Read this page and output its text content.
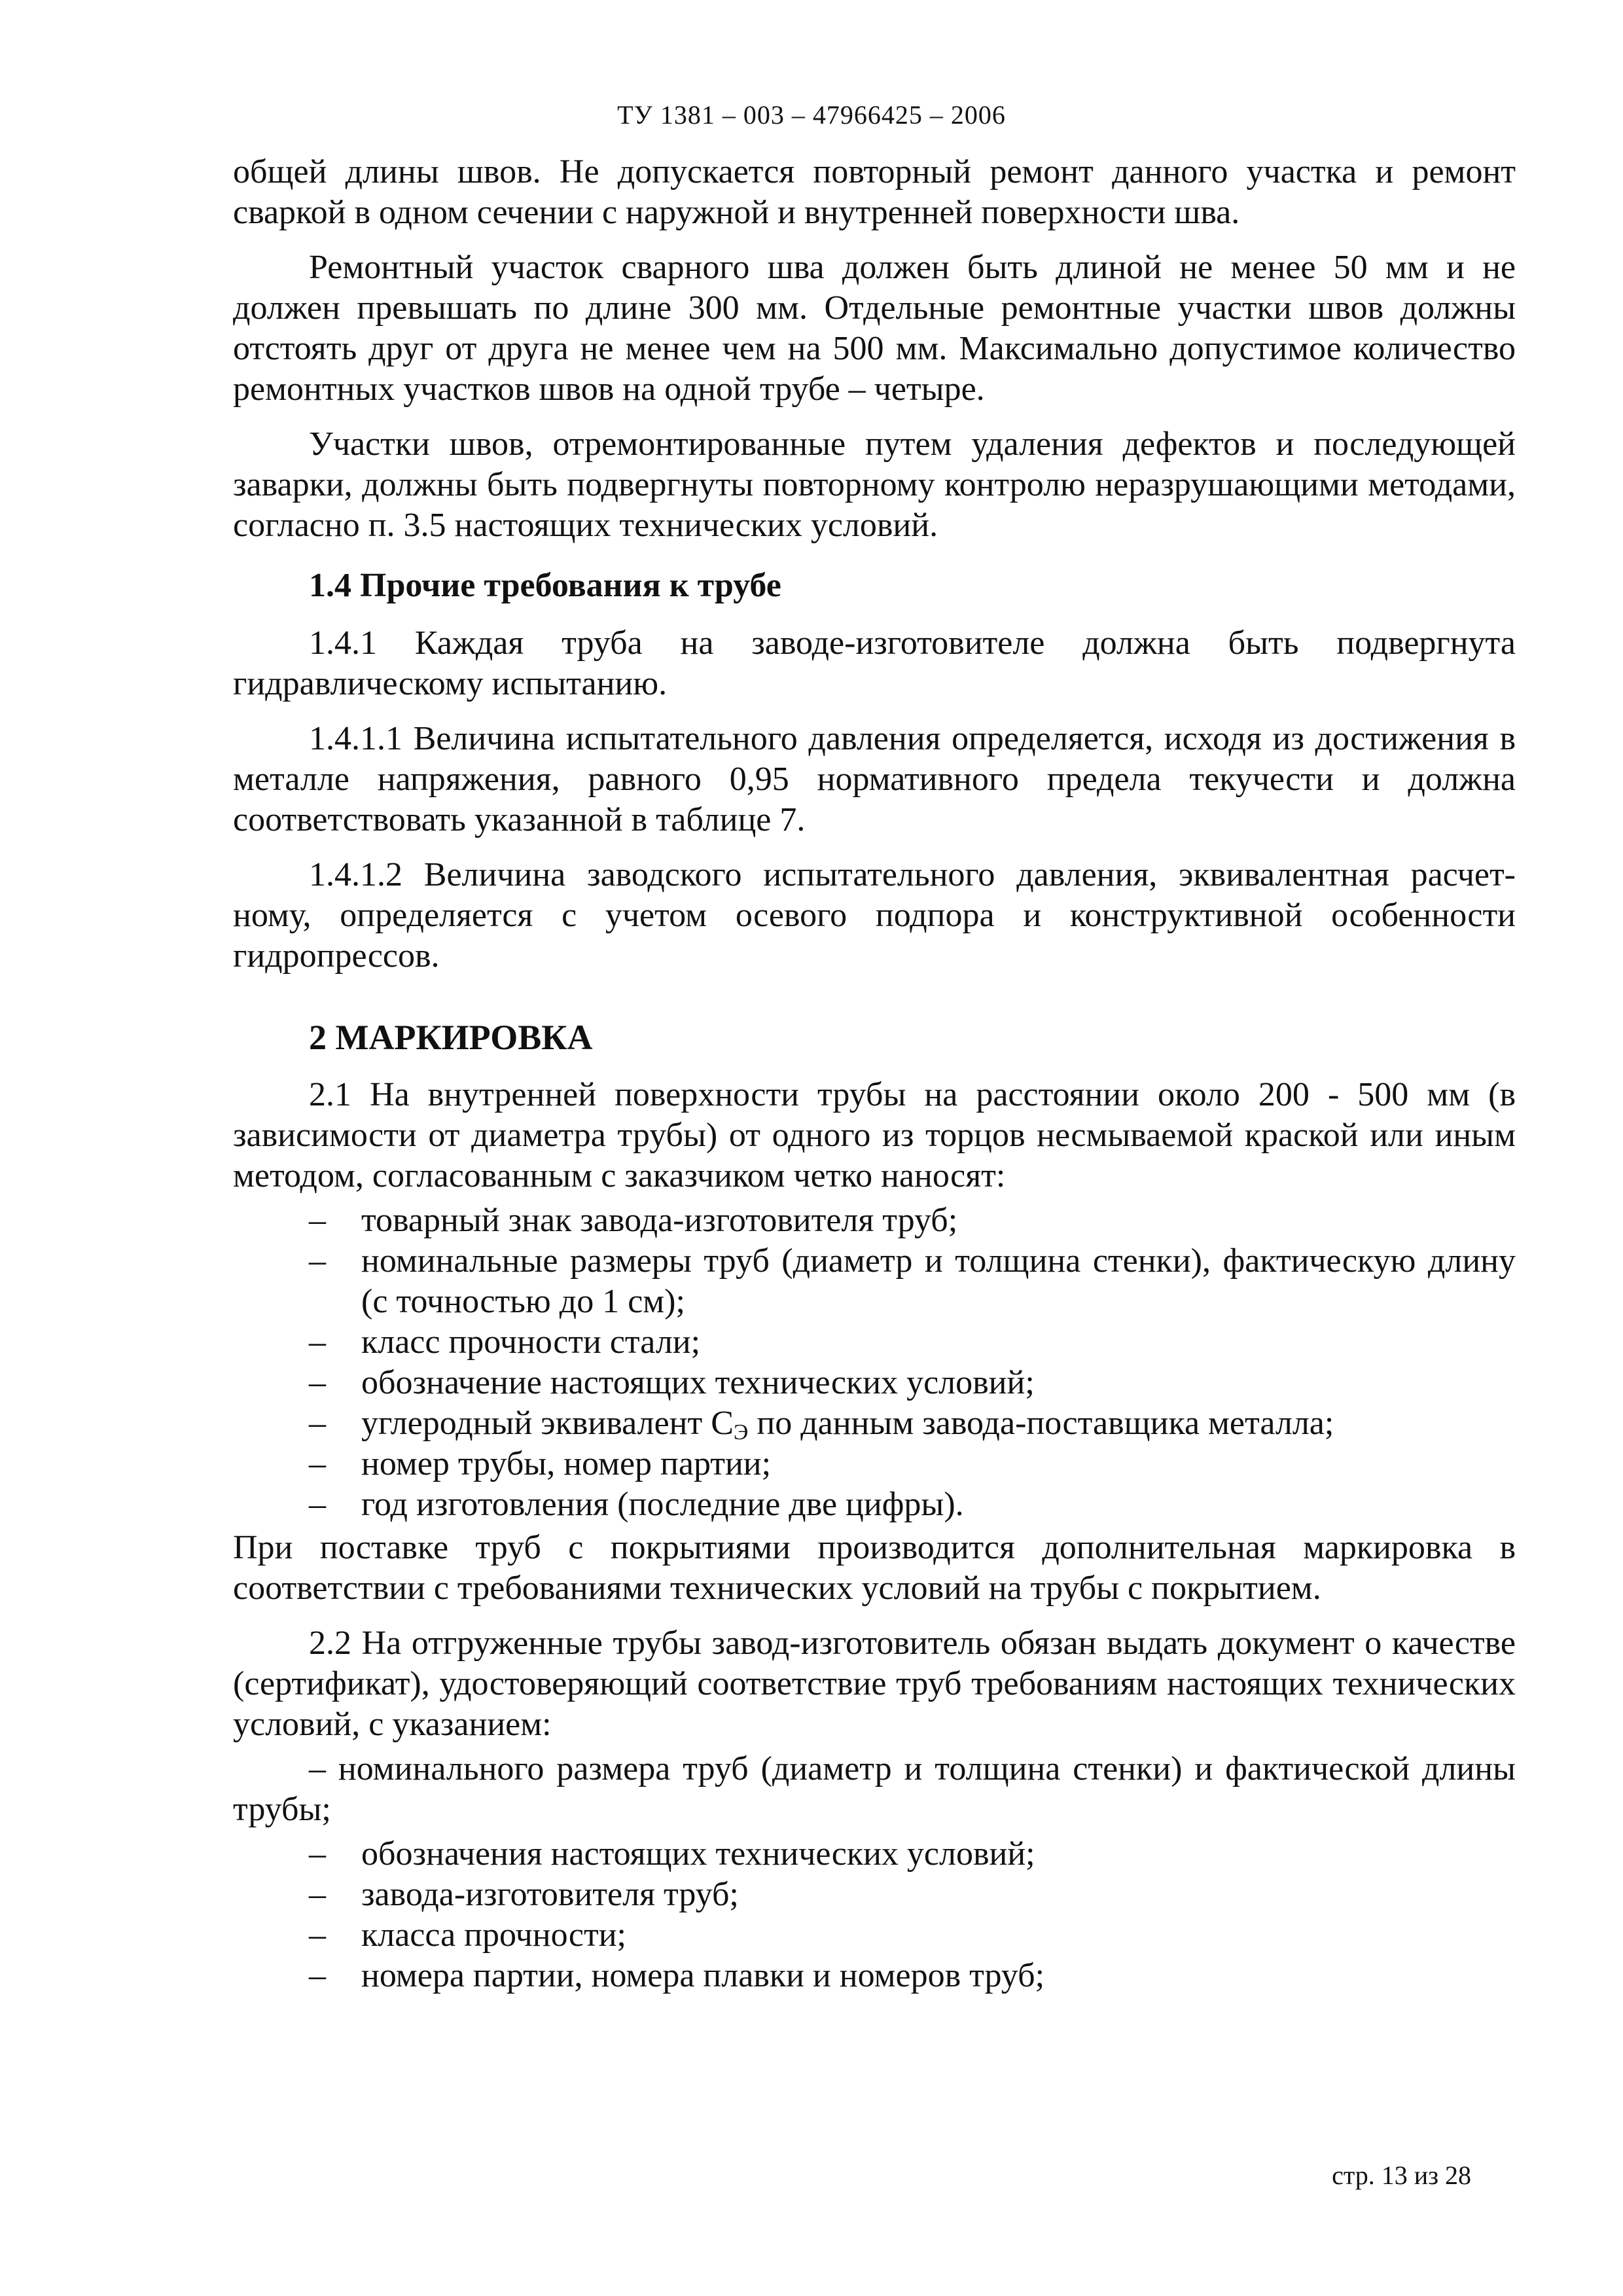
ТУ 1381 – 003 – 47966425 – 2006

общей длины швов. Не допускается повторный ремонт данного участка и ремонт сваркой в одном сечении с наружной и внутренней поверхности шва.

Ремонтный участок сварного шва должен быть длиной не менее 50 мм и не должен превышать по длине 300 мм. Отдельные ремонтные участки швов должны отстоять друг от друга не менее чем на 500 мм. Максимально допустимое количество ремонтных участков швов на одной трубе – четыре.

Участки швов, отремонтированные путем удаления дефектов и последующей заварки, должны быть подвергнуты повторному контролю неразрушающими методами, согласно п. 3.5 настоящих технических условий.

1.4 Прочие требования к трубе

1.4.1 Каждая труба на заводе-изготовителе должна быть подвергнута гидравлическому испытанию.

1.4.1.1 Величина испытательного давления определяется, исходя из достижения в металле напряжения, равного 0,95 нормативного предела текучести и должна соответствовать указанной в таблице 7.

1.4.1.2 Величина заводского испытательного давления, эквивалентная расчет-ному, определяется с учетом осевого подпора и конструктивной особенности гидропрессов.

2 МАРКИРОВКА

2.1 На внутренней поверхности трубы на расстоянии около 200 - 500 мм (в зависимости от диаметра трубы) от одного из торцов несмываемой краской или иным методом, согласованным с заказчиком четко наносят:

– товарный знак завода-изготовителя труб;
– номинальные размеры труб (диаметр и толщина стенки), фактическую длину (с точностью до 1 см);
– класс прочности стали;
– обозначение настоящих технических условий;
– углеродный эквивалент $С_Э$ по данным завода-поставщика металла;
– номер трубы, номер партии;
– год изготовления (последние две цифры).

При поставке труб с покрытиями производится дополнительная маркировка в соответствии с требованиями технических условий на трубы с покрытием.

2.2 На отгруженные трубы завод-изготовитель обязан выдать документ о качестве (сертификат), удостоверяющий соответствие труб требованиям настоящих технических условий, с указанием:

– номинального размера труб (диаметр и толщина стенки) и фактической длины трубы;

– обозначения настоящих технических условий;
– завода-изготовителя труб;
– класса прочности;
– номера партии, номера плавки и номеров труб;
стр. 13 из 28
